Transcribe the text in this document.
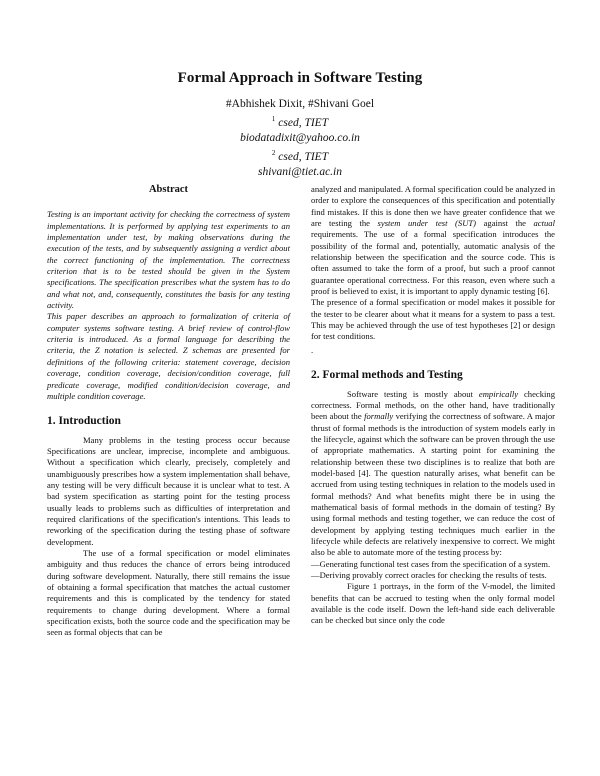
Formal Approach in Software Testing
#Abhishek Dixit, #Shivani Goel
$^1$ csed, TIET
biodatadixit@yahoo.co.in
$^2$ csed, TIET
shivani@tiet.ac.in
Abstract

Testing is an important activity for checking the correctness of system implementations. It is performed by applying test experiments to an implementation under test, by making observations during the execution of the tests, and by subsequently assigning a verdict about the correct functioning of the implementation. The correctness criterion that is to be tested should be given in the System specifications. The specification prescribes what the system has to do and what not, and, consequently, constitutes the basis for any testing activity.

This paper describes an approach to formalization of criteria of computer systems software testing. A brief review of control-flow criteria is introduced. As a formal language for describing the criteria, the Z notation is selected. Z schemas are presented for definitions of the following criteria: statement coverage, decision coverage, condition coverage, decision/condition coverage, full predicate coverage, modified condition/decision coverage, and multiple condition coverage.

1. Introduction

Many problems in the testing process occur because Specifications are unclear, imprecise, incomplete and ambiguous. Without a specification which clearly, precisely, completely and unambiguously prescribes how a system implementation shall behave, any testing will be very difficult because it is unclear what to test. A bad system specification as starting point for the testing process usually leads to problems such as difficulties of interpretation and required clarifications of the specification's intentions. This leads to reworking of the specification during the testing phase of software development.

The use of a formal specification or model eliminates ambiguity and thus reduces the chance of errors being introduced during software development. Naturally, there still remains the issue of obtaining a formal specification that matches the actual customer requirements and this is complicated by the tendency for stated requirements to change during development. Where a formal specification exists, both the source code and the specification may be seen as formal objects that can be

analyzed and manipulated. A formal specification could be analyzed in order to explore the consequences of this specification and potentially find mistakes. If this is done then we have greater confidence that we are testing the system under test (SUT) against the actual requirements. The use of a formal specification introduces the possibility of the formal and, potentially, automatic analysis of the relationship between the specification and the source code. This is often assumed to take the form of a proof, but such a proof cannot guarantee operational correctness. For this reason, even where such a proof is believed to exist, it is important to apply dynamic testing [6].

The presence of a formal specification or model makes it possible for the tester to be clearer about what it means for a system to pass a test. This may be achieved through the use of test hypotheses [2] or design for test conditions.

.

2. Formal methods and Testing

Software testing is mostly about empirically checking correctness. Formal methods, on the other hand, have traditionally been about the formally verifying the correctness of software. A major thrust of formal methods is the introduction of system models early in the lifecycle, against which the software can be proven through the use of appropriate mathematics. A starting point for examining the relationship between these two disciplines is to realize that both are model-based [4]. The question naturally arises, what benefit can be accrued from using testing techniques in relation to the models used in formal methods? And what benefits might there be in using the mathematical basis of formal methods in the domain of testing? By using formal methods and testing together, we can reduce the cost of development by applying testing techniques much earlier in the lifecycle while defects are relatively inexpensive to correct. We might also be able to automate more of the testing process by:

—Generating functional test cases from the specification of a system.

—Deriving provably correct oracles for checking the results of tests.

Figure 1 portrays, in the form of the V-model, the limited benefits that can be accrued to testing when the only formal model available is the code itself. Down the left-hand side each deliverable can be checked but since only the code
